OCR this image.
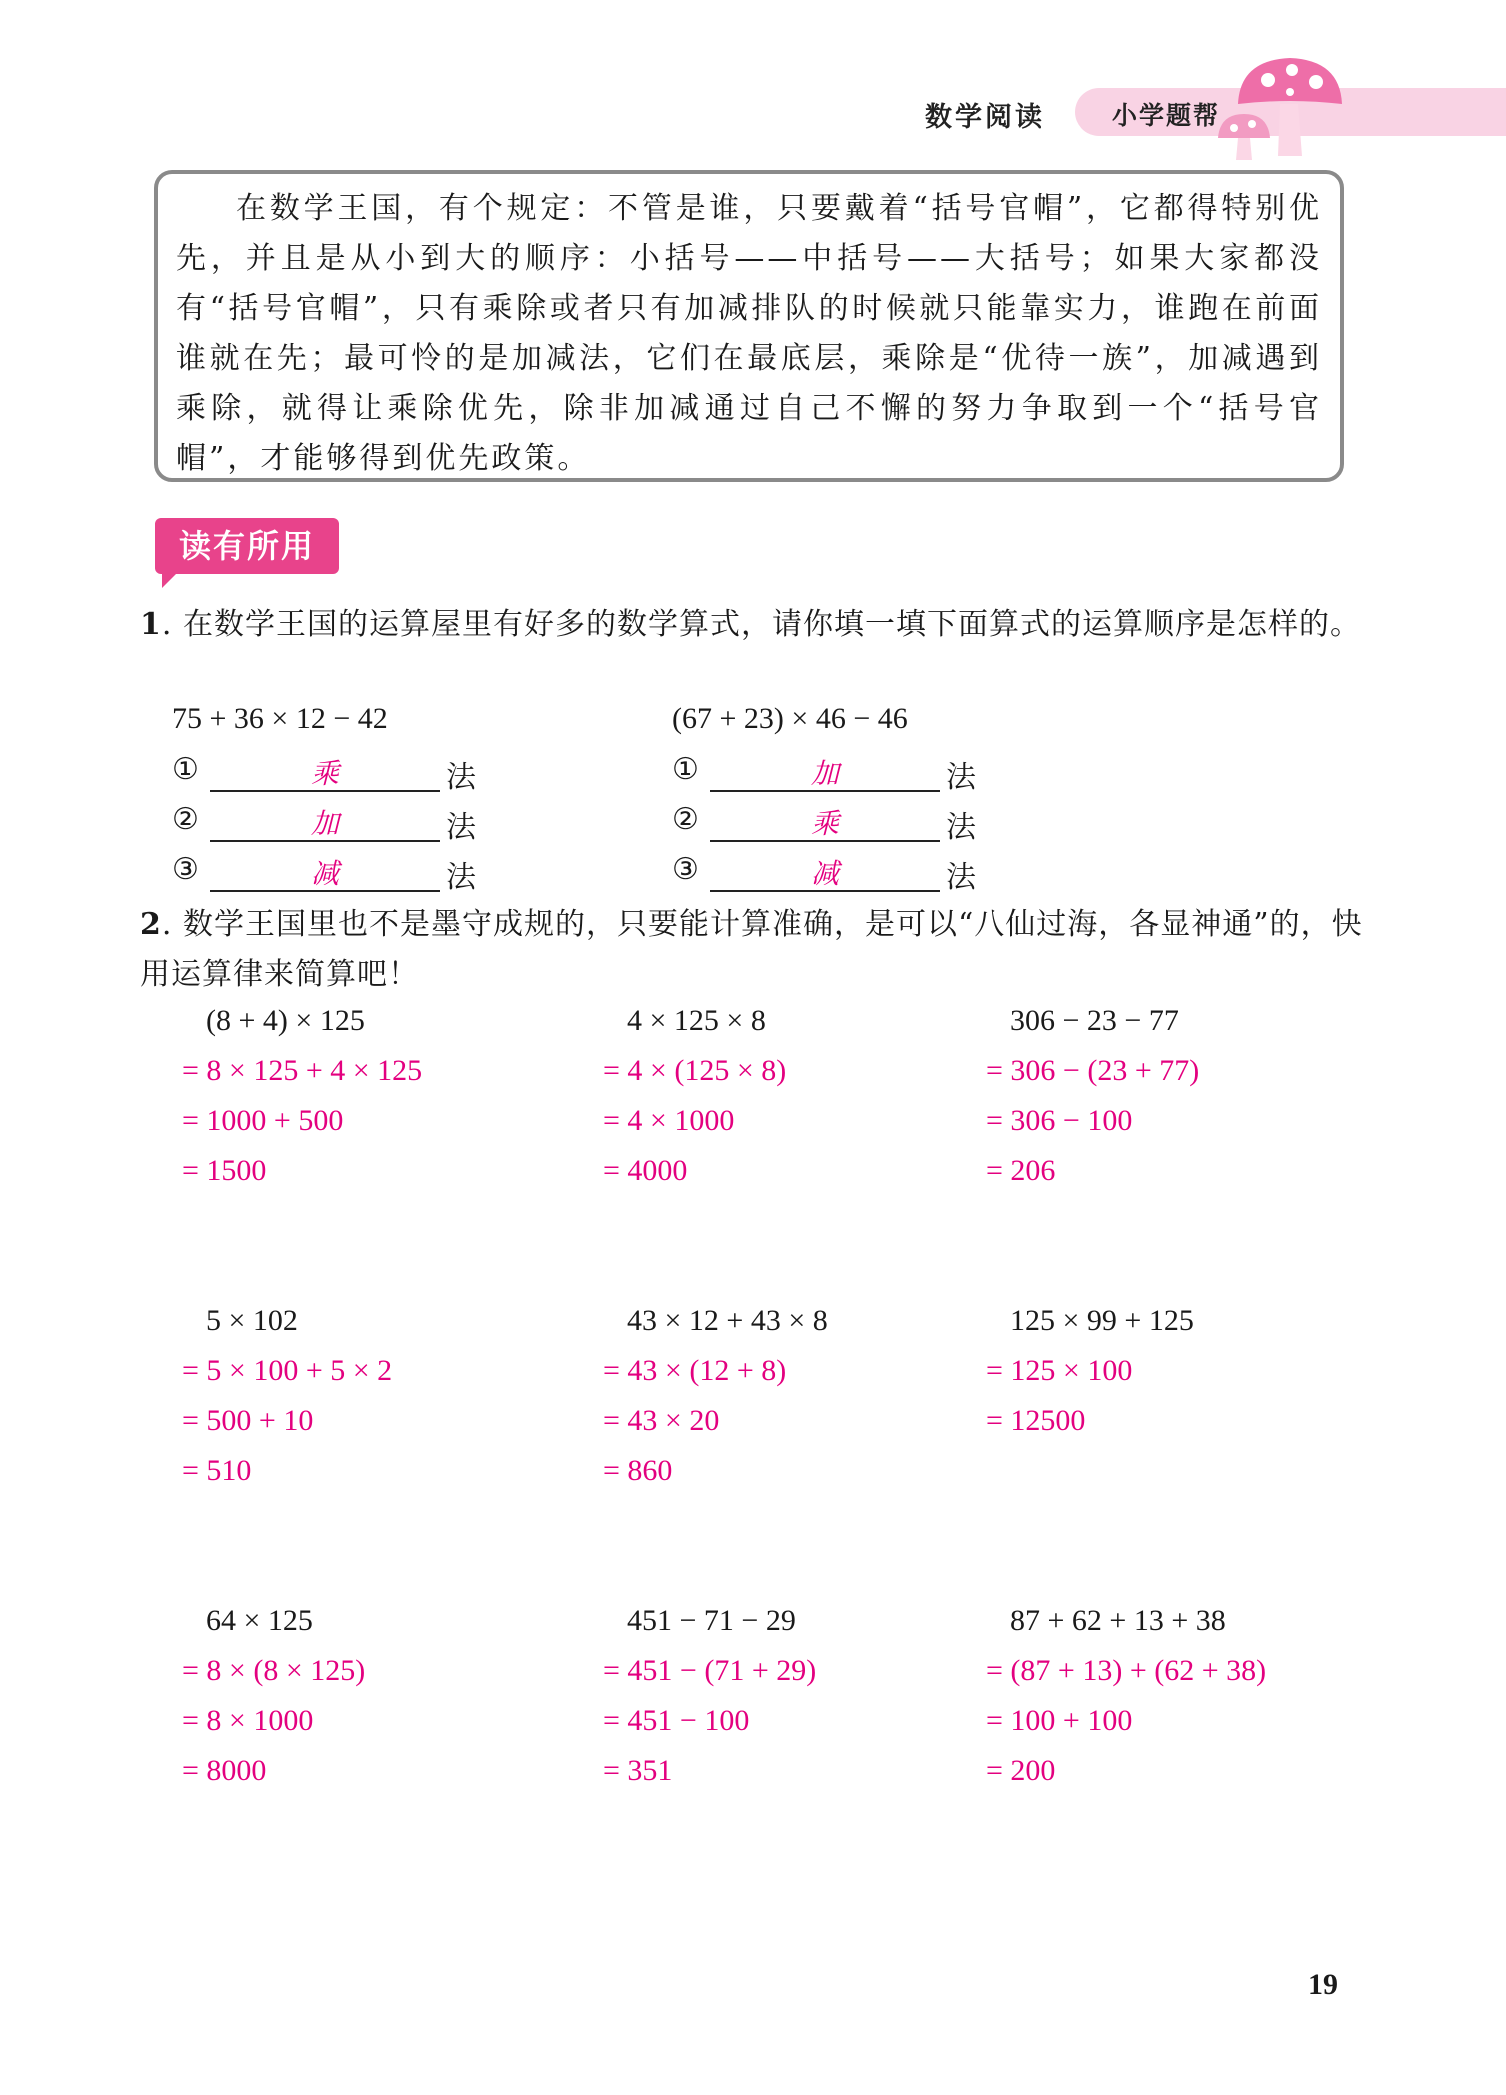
数学阅读	小学题帮

在数学王国，有个规定：不管是谁，只要戴着“括号官帽”，它都得特别优先，并且是从小到大的顺序：小括号——中括号——大括号；如果大家都没有“括号官帽”，只有乘除或者只有加减排队的时候就只能靠实力，谁跑在前面谁就在先；最可怜的是加减法，它们在最底层，乘除是“优待一族”，加减遇到乘除，就得让乘除优先，除非加减通过自己不懈的努力争取到一个“括号官帽”，才能够得到优先政策。

读有所用
1. 在数学王国的运算屋里有好多的数学算式，请你填一填下面算式的运算顺序是怎样的。
75 + 36 × 12 − 42	(67 + 23) × 46 − 46
①	乘	法
②	加	法
③	减	法
①	加	法
②	乘	法
③	减	法
2. 数学王国里也不是墨守成规的，只要能计算准确，是可以“八仙过海，各显神通”的，快用运算律来简算吧！
(8 + 4) × 125
= 8 × 125 + 4 × 125
= 1000 + 500
= 1500
4 × 125 × 8
= 4 × (125 × 8)
= 4 × 1000
= 4000
306 − 23 − 77
= 306 − (23 + 77)
= 306 − 100
= 206
5 × 102
= 5 × 100 + 5 × 2
= 500 + 10
= 510
43 × 12 + 43 × 8
= 43 × (12 + 8)
= 43 × 20
= 860
125 × 99 + 125
= 125 × 100
= 12500
64 × 125
= 8 × (8 × 125)
= 8 × 1000
= 8000
451 − 71 − 29
= 451 − (71 + 29)
= 451 − 100
= 351
87 + 62 + 13 + 38
= (87 + 13) + (62 + 38)
= 100 + 100
= 200
19
